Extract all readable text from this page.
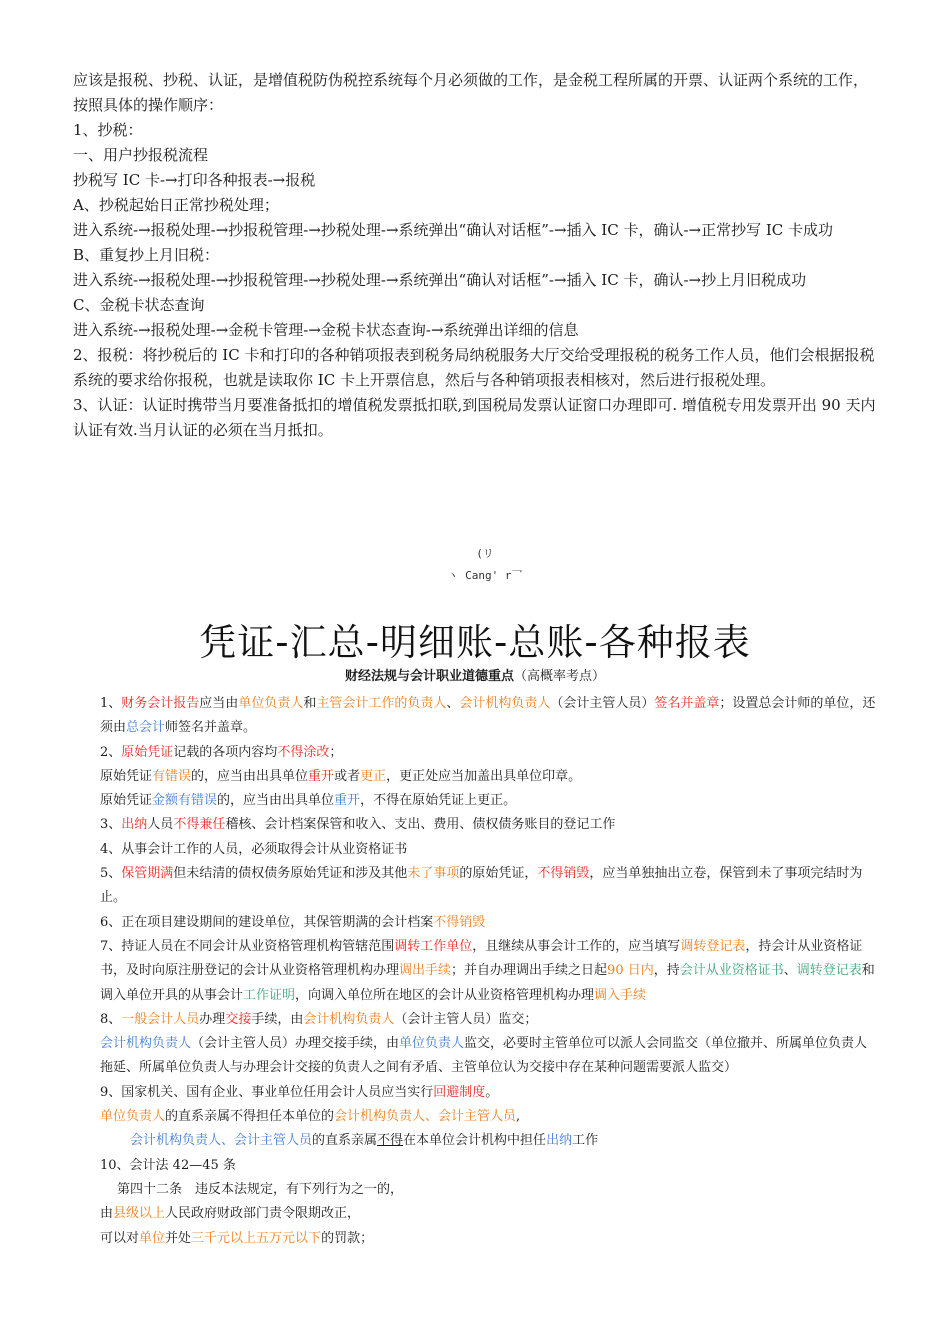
应该是报税、抄税、认证，是增值税防伪税控系统每个月必须做的工作，是金税工程所属的开票、认证两个系统的工作，按照具体的操作顺序：

1、抄税：

一、用户抄报税流程

抄税写 IC 卡-→打印各种报表-→报税

A、抄税起始日正常抄税处理；

进入系统-→报税处理-→抄报税管理-→抄税处理-→系统弹出“确认对话框”-→插入 IC 卡，确认-→正常抄写 IC 卡成功

B、重复抄上月旧税：

进入系统-→报税处理-→抄报税管理-→抄税处理-→系统弹出“确认对话框”-→插入 IC 卡，确认-→抄上月旧税成功

C、金税卡状态查询

进入系统-→报税处理-→金税卡管理-→金税卡状态查询-→系统弹出详细的信息

2、报税：将抄税后的 IC 卡和打印的各种销项报表到税务局纳税服务大厅交给受理报税的税务工作人员，他们会根据报税系统的要求给你报税，也就是读取你 IC 卡上开票信息，然后与各种销项报表相核对，然后进行报税处理。

3、认证：认证时携带当月要准备抵扣的增值税发票抵扣联,到国税局发票认证窗口办理即可. 增值税专用发票开出 90 天内认证有效.当月认证的必须在当月抵扣。

(リ

ヽ Cang' r乛

凭证-汇总-明细账-总账-各种报表
财经法规与会计职业道德重点（高概率考点）

1、财务会计报告应当由单位负责人和主管会计工作的负责人、会计机构负责人（会计主管人员）签名并盖章；设置总会计师的单位，还须由总会计师签名并盖章。

2、原始凭证记载的各项内容均不得涂改；

原始凭证有错误的，应当由出具单位重开或者更正，更正处应当加盖出具单位印章。

原始凭证金额有错误的，应当由出具单位重开，不得在原始凭证上更正。

3、出纳人员不得兼任稽核、会计档案保管和收入、支出、费用、债权债务账目的登记工作

4、从事会计工作的人员，必须取得会计从业资格证书

5、保管期满但未结清的债权债务原始凭证和涉及其他未了事项的原始凭证，不得销毁，应当单独抽出立卷，保管到未了事项完结时为止。

6、正在项目建设期间的建设单位，其保管期满的会计档案不得销毁

7、持证人员在不同会计从业资格管理机构管辖范围调转工作单位，且继续从事会计工作的，应当填写调转登记表，持会计从业资格证书，及时向原注册登记的会计从业资格管理机构办理调出手续；并自办理调出手续之日起90 日内，持会计从业资格证书、调转登记表和调入单位开具的从事会计工作证明，向调入单位所在地区的会计从业资格管理机构办理调入手续

8、一般会计人员办理交接手续，由会计机构负责人（会计主管人员）监交；

会计机构负责人（会计主管人员）办理交接手续，由单位负责人监交，必要时主管单位可以派人会同监交（单位撤并、所属单位负责人拖延、所属单位负责人与办理会计交接的负责人之间有矛盾、主管单位认为交接中存在某种问题需要派人监交）

9、国家机关、国有企业、事业单位任用会计人员应当实行回避制度。

单位负责人的直系亲属不得担任本单位的会计机构负责人、会计主管人员,

会计机构负责人、会计主管人员的直系亲属不得在本单位会计机构中担任出纳工作

10、会计法 42—45 条

第四十二条　违反本法规定，有下列行为之一的，

由县级以上人民政府财政部门责令限期改正，

可以对单位并处三千元以上五万元以下的罚款；
